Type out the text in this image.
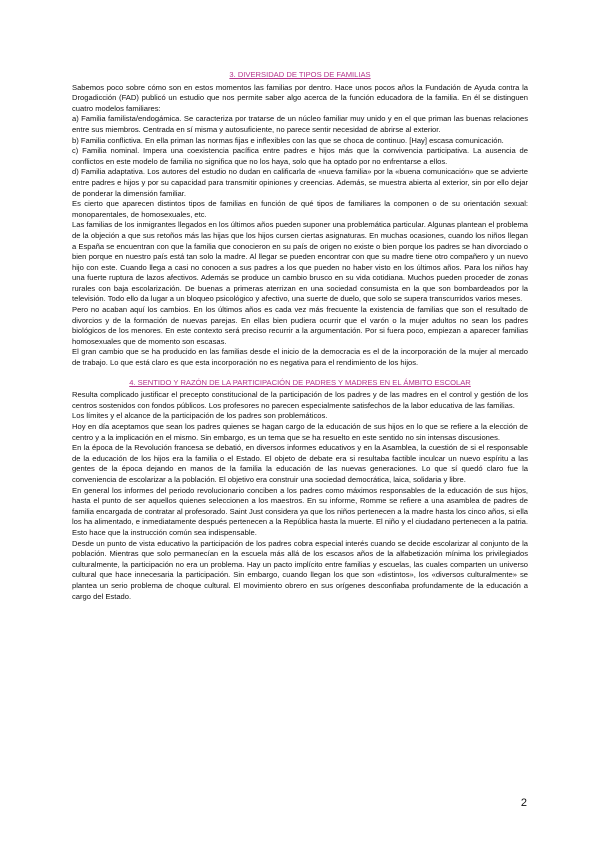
3. DIVERSIDAD DE TIPOS DE FAMILIAS

Sabemos poco sobre cómo son en estos momentos las familias por dentro. Hace unos pocos años la Fundación de Ayuda contra la Drogadicción (FAD) publicó un estudio que nos permite saber algo acerca de la función educadora de la familia. En él se distinguen cuatro modelos familiares:

a) Familia familista/endogámica. Se caracteriza por tratarse de un núcleo familiar muy unido y en el que priman las buenas relaciones entre sus miembros. Centrada en sí misma y autosuficiente, no parece sentir necesidad de abrirse al exterior.

b) Familia conflictiva. En ella priman las normas fijas e inflexibles con las que se choca de continuo. [Hay] escasa comunicación.

c) Familia nominal. Impera una coexistencia pacífica entre padres e hijos más que la convivencia participativa. La ausencia de conflictos en este modelo de familia no significa que no los haya, solo que ha optado por no enfrentarse a ellos.

d) Familia adaptativa. Los autores del estudio no dudan en calificarla de «nueva familia» por la «buena comunicación» que se advierte entre padres e hijos y por su capacidad para transmitir opiniones y creencias. Además, se muestra abierta al exterior, sin por ello dejar de ponderar la dimensión familiar.

Es cierto que aparecen distintos tipos de familias en función de qué tipos de familiares la componen o de su orientación sexual: monoparentales, de homosexuales, etc.

Las familias de los inmigrantes llegados en los últimos años pueden suponer una problemática particular. Algunas plantean el problema de la objeción a que sus retoños más las hijas que los hijos cursen ciertas asignaturas. En muchas ocasiones, cuando los niños llegan a España se encuentran con que la familia que conocieron en su país de origen no existe o bien porque los padres se han divorciado o bien porque en nuestro país está tan solo la madre. Al llegar se pueden encontrar con que su madre tiene otro compañero y un nuevo hijo con este. Cuando llega a casi no conocen a sus padres a los que pueden no haber visto en los últimos años. Para los niños hay una fuerte ruptura de lazos afectivos. Además se produce un cambio brusco en su vida cotidiana. Muchos pueden proceder de zonas rurales con baja escolarización. De buenas a primeras aterrizan en una sociedad consumista en la que son bombardeados por la televisión. Todo ello da lugar a un bloqueo psicológico y afectivo, una suerte de duelo, que solo se supera transcurridos varios meses.

Pero no acaban aquí los cambios. En los últimos años es cada vez más frecuente la existencia de familias que son el resultado de divorcios y de la formación de nuevas parejas. En ellas bien pudiera ocurrir que el varón o la mujer adultos no sean los padres biológicos de los menores. En este contexto será preciso recurrir a la argumentación. Por si fuera poco, empiezan a aparecer familias homosexuales que de momento son escasas.

El gran cambio que se ha producido en las familias desde el inicio de la democracia es el de la incorporación de la mujer al mercado de trabajo. Lo que está claro es que esta incorporación no es negativa para el rendimiento de los hijos.

4. SENTIDO Y RAZÓN DE LA PARTICIPACIÓN DE PADRES Y MADRES EN EL ÁMBITO ESCOLAR

Resulta complicado justificar el precepto constitucional de la participación de los padres y de las madres en el control y gestión de los centros sostenidos con fondos públicos. Los profesores no parecen especialmente satisfechos de la labor educativa de las familias.

Los límites y el alcance de la participación de los padres son problemáticos.

Hoy en día aceptamos que sean los padres quienes se hagan cargo de la educación de sus hijos en lo que se refiere a la elección de centro y a la implicación en el mismo. Sin embargo, es un tema que se ha resuelto en este sentido no sin intensas discusiones.

En la época de la Revolución francesa se debatió, en diversos informes educativos y en la Asamblea, la cuestión de si el responsable de la educación de los hijos era la familia o el Estado. El objeto de debate era si resultaba factible inculcar un nuevo espíritu a las gentes de la época dejando en manos de la familia la educación de las nuevas generaciones. Lo que sí quedó claro fue la conveniencia de escolarizar a la población. El objetivo era construir una sociedad democrática, laica, solidaria y libre.

En general los informes del periodo revolucionario conciben a los padres como máximos responsables de la educación de sus hijos, hasta el punto de ser aquellos quienes seleccionen a los maestros. En su informe, Romme se refiere a una asamblea de padres de familia encargada de contratar al profesorado. Saint Just considera ya que los niños pertenecen a la madre hasta los cinco años, si ella los ha alimentado, e inmediatamente después pertenecen a la República hasta la muerte. El niño y el ciudadano pertenecen a la patria. Esto hace que la instrucción común sea indispensable.

Desde un punto de vista educativo la participación de los padres cobra especial interés cuando se decide escolarizar al conjunto de la población. Mientras que solo permanecían en la escuela más allá de los escasos años de la alfabetización mínima los privilegiados culturalmente, la participación no era un problema. Hay un pacto implícito entre familias y escuelas, las cuales comparten un universo cultural que hace innecesaria la participación. Sin embargo, cuando llegan los que son «distintos», los «diversos culturalmente» se plantea un serio problema de choque cultural. El movimiento obrero en sus orígenes desconfiaba profundamente de la educación a cargo del Estado.

2
